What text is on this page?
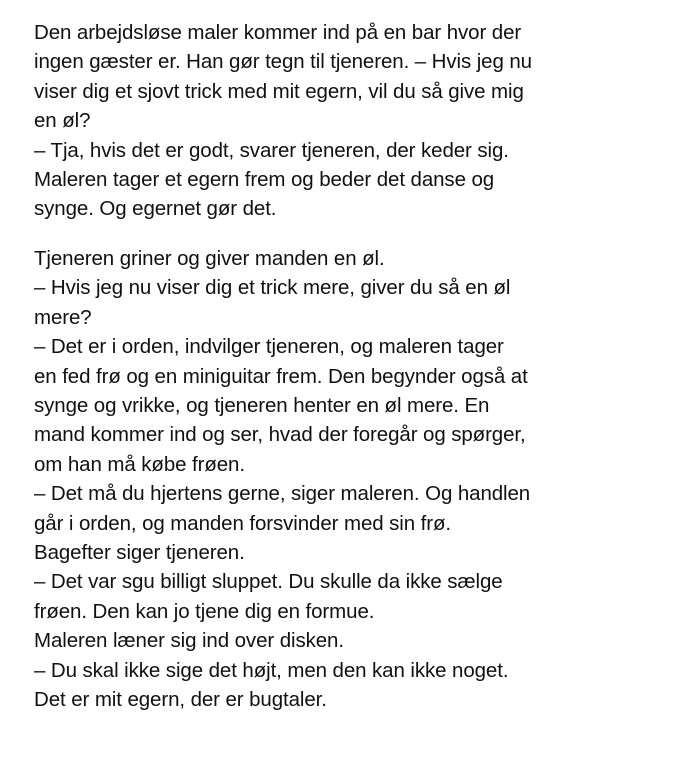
Den arbejdsløse maler kommer ind på en bar hvor der
ingen gæster er. Han gør tegn til tjeneren. – Hvis jeg nu
viser dig et sjovt trick med mit egern, vil du så give mig
en øl?
– Tja, hvis det er godt, svarer tjeneren, der keder sig.
Maleren tager et egern frem og beder det danse og
synge. Og egernet gør det.
Tjeneren griner og giver manden en øl.
– Hvis jeg nu viser dig et trick mere, giver du så en øl
mere?
– Det er i orden, indvilger tjeneren, og maleren tager
en fed frø og en miniguitar frem. Den begynder også at
synge og vrikke, og tjeneren henter en øl mere. En
mand kommer ind og ser, hvad der foregår og spørger,
om han må købe frøen.
– Det må du hjertens gerne, siger maleren. Og handlen
går i orden, og manden forsvinder med sin frø.
Bagefter siger tjeneren.
– Det var sgu billigt sluppet. Du skulle da ikke sælge
frøen. Den kan jo tjene dig en formue.
Maleren læner sig ind over disken.
– Du skal ikke sige det højt, men den kan ikke noget.
Det er mit egern, der er bugtaler.
